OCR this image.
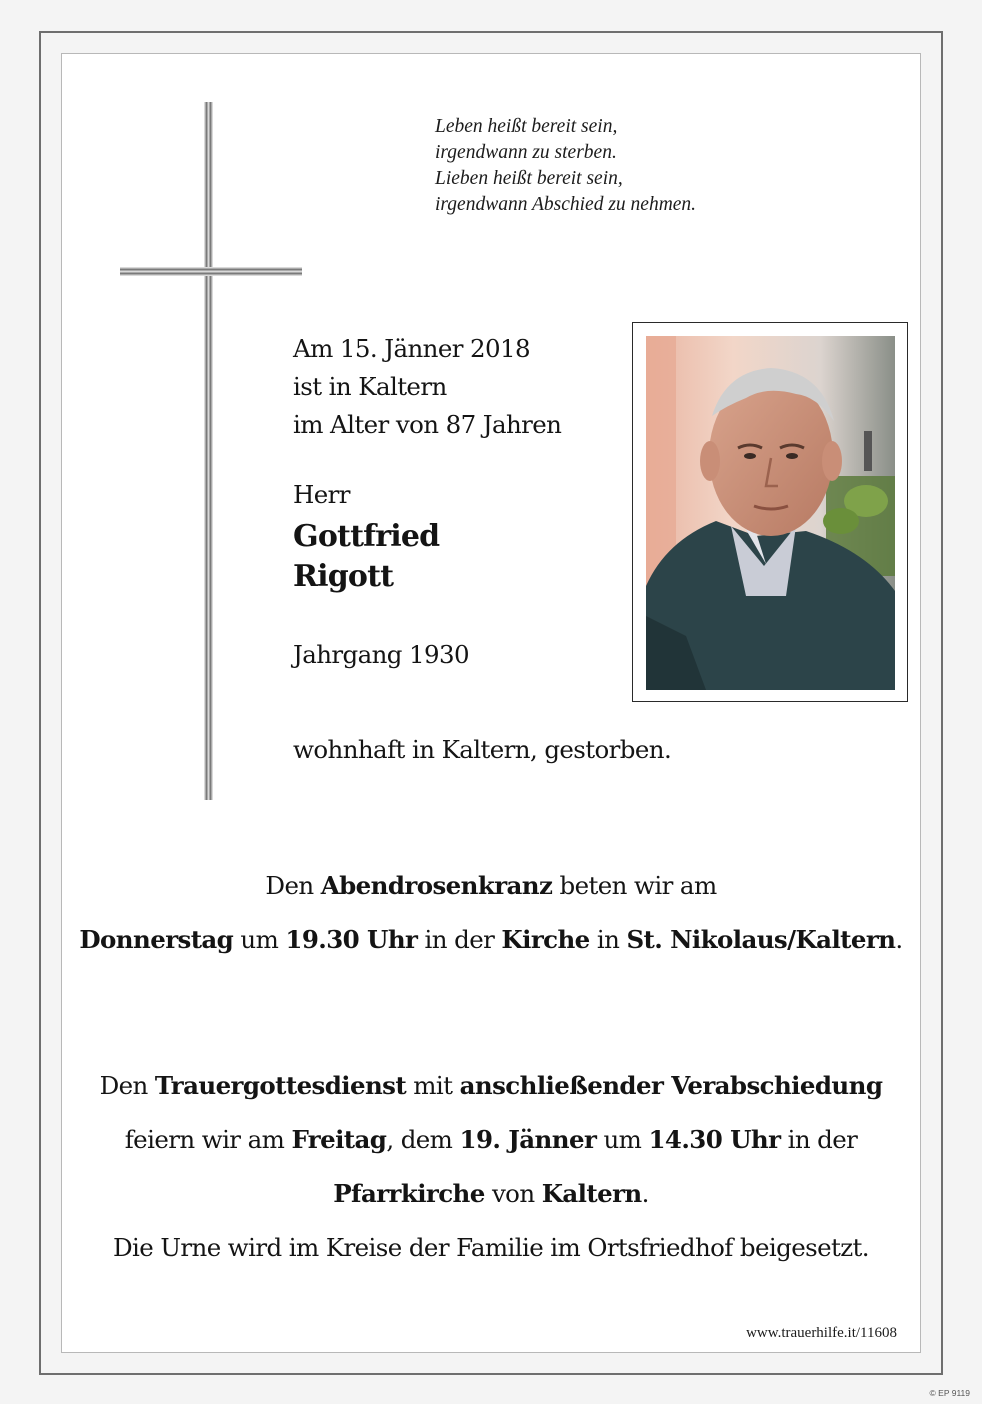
Leben heißt bereit sein,
irgendwann zu sterben.
Lieben heißt bereit sein,
irgendwann Abschied zu nehmen.
Am 15. Jänner 2018
ist in Kaltern
im Alter von 87 Jahren
Herr
Gottfried
Rigott
Jahrgang 1930
wohnhaft in Kaltern, gestorben.
Den Abendrosenkranz beten wir am
Donnerstag um 19.30 Uhr in der Kirche in St. Nikolaus/Kaltern.
Den Trauergottesdienst mit anschließender Verabschiedung
feiern wir am Freitag, dem 19. Jänner um 14.30 Uhr in der
Pfarrkirche von Kaltern.
Die Urne wird im Kreise der Familie im Ortsfriedhof beigesetzt.
www.trauerhilfe.it/11608
© EP 9119
